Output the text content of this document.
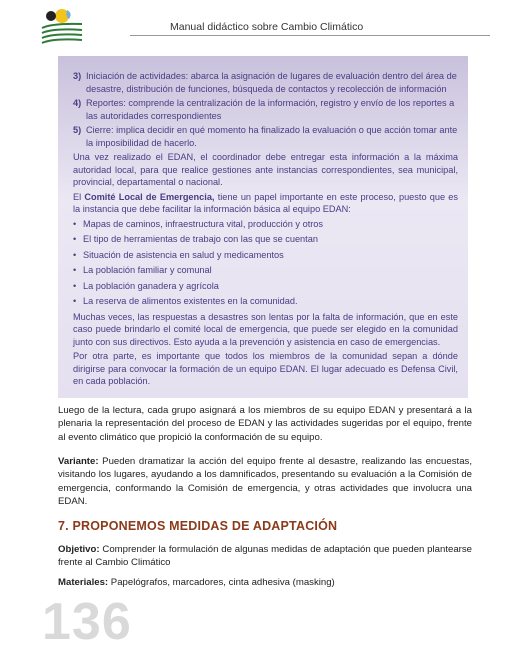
Manual didáctico sobre Cambio Climático
3) Iniciación de actividades: abarca la asignación de lugares de evaluación dentro del área de desastre, distribución de funciones, búsqueda de contactos y recolección de información
4) Reportes: comprende la centralización de la información, registro y envío de los reportes a las autoridades correspondientes
5) Cierre: implica decidir en qué momento ha finalizado la evaluación o que acción tomar ante la imposibilidad de hacerlo.

Una vez realizado el EDAN, el coordinador debe entregar esta información a la máxima autoridad local, para que realice gestiones ante instancias correspondientes, sea municipal, provincial, departamental o nacional.

El Comité Local de Emergencia, tiene un papel importante en este proceso, puesto que es la instancia que debe facilitar la información básica al equipo EDAN:

• Mapas de caminos, infraestructura vital, producción y otros
• El tipo de herramientas de trabajo con las que se cuentan
• Situación de asistencia en salud y medicamentos
• La población familiar y comunal
• La población ganadera y agrícola
• La reserva de alimentos existentes en la comunidad.

Muchas veces, las respuestas a desastres son lentas por la falta de información, que en este caso puede brindarlo el comité local de emergencia, que puede ser elegido en la comunidad junto con sus directivos. Esto ayuda a la prevención y asistencia en caso de emergencias.

Por otra parte, es importante que todos los miembros de la comunidad sepan a dónde dirigirse para convocar la formación de un equipo EDAN. El lugar adecuado es Defensa Civil, en cada población.

Luego de la lectura, cada grupo asignará a los miembros de su equipo EDAN y presentará a la plenaria la representación del proceso de EDAN y las actividades sugeridas por el equipo, frente al evento climático que propició la conformación de su equipo.
Variante: Pueden dramatizar la acción del equipo frente al desastre, realizando las encuestas, visitando los lugares, ayudando a los damnificados, presentando su evaluación a la Comisión de emergencia, conformando la Comisión de emergencia, y otras actividades que involucra una EDAN.
7. PROPONEMOS MEDIDAS DE ADAPTACIÓN
Objetivo: Comprender la formulación de algunas medidas de adaptación que pueden plantearse frente al Cambio Climático
Materiales: Papelógrafos, marcadores, cinta adhesiva (masking)
136
